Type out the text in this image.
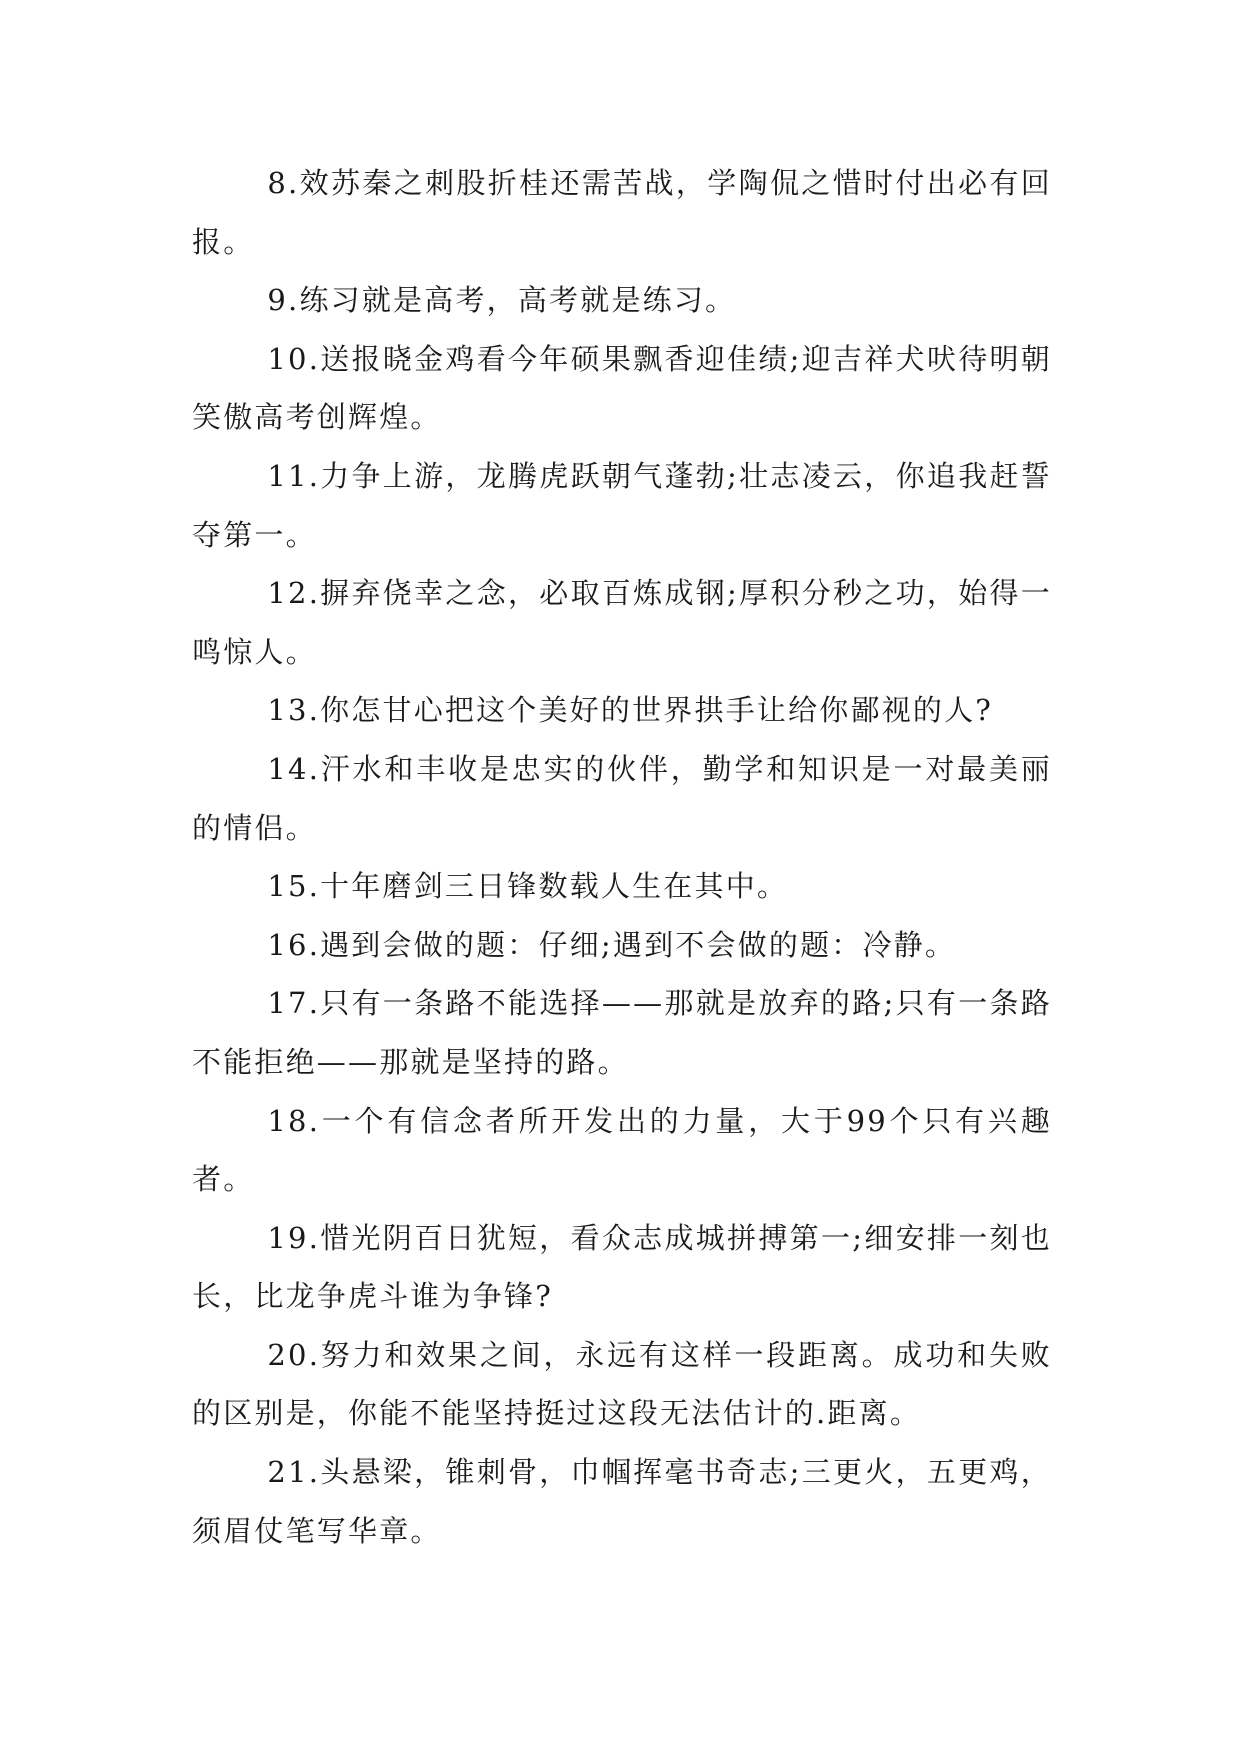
8.效苏秦之刺股折桂还需苦战，学陶侃之惜时付出必有回报。

9.练习就是高考，高考就是练习。

10.送报晓金鸡看今年硕果飘香迎佳绩;迎吉祥犬吠待明朝笑傲高考创辉煌。

11.力争上游，龙腾虎跃朝气蓬勃;壮志凌云，你追我赶誓夺第一。

12.摒弃侥幸之念，必取百炼成钢;厚积分秒之功，始得一鸣惊人。

13.你怎甘心把这个美好的世界拱手让给你鄙视的人?

14.汗水和丰收是忠实的伙伴，勤学和知识是一对最美丽的情侣。

15.十年磨剑三日锋数载人生在其中。

16.遇到会做的题：仔细;遇到不会做的题：冷静。

17.只有一条路不能选择——那就是放弃的路;只有一条路不能拒绝——那就是坚持的路。

18.一个有信念者所开发出的力量，大于99个只有兴趣者。

19.惜光阴百日犹短，看众志成城拼搏第一;细安排一刻也长，比龙争虎斗谁为争锋?

20.努力和效果之间，永远有这样一段距离。成功和失败的区别是，你能不能坚持挺过这段无法估计的.距离。

21.头悬梁，锥刺骨，巾帼挥毫书奇志;三更火，五更鸡，须眉仗笔写华章。
